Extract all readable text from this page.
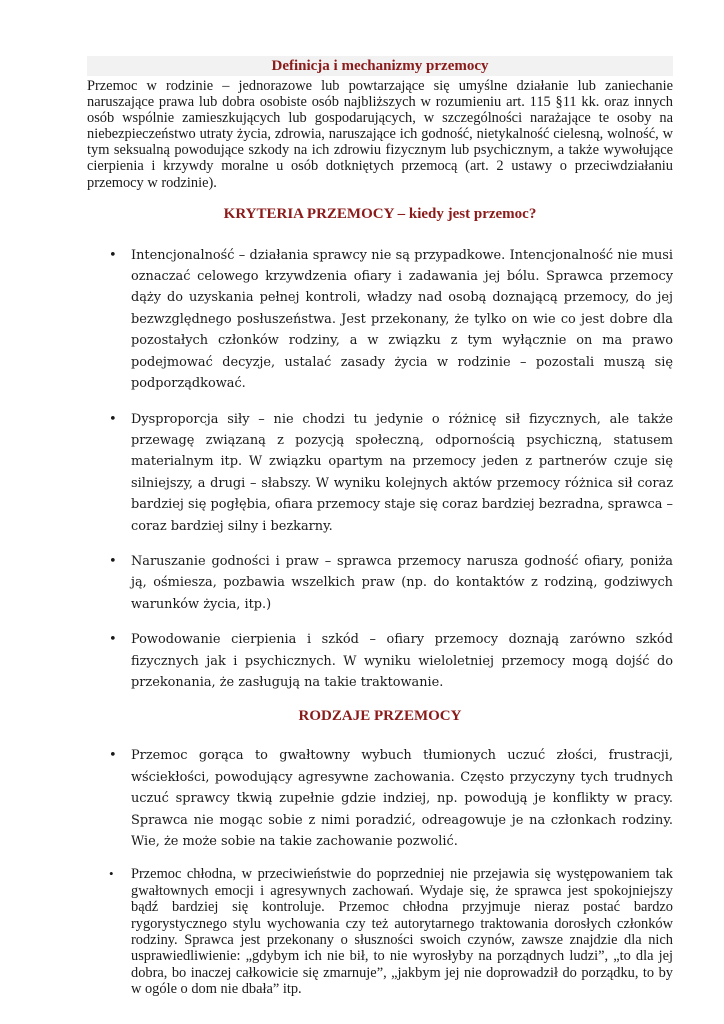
Definicja i mechanizmy przemocy

Przemoc w rodzinie – jednorazowe lub powtarzające się umyślne działanie lub zaniechanie naruszające prawa lub dobra osobiste osób najbliższych w rozumieniu art. 115 §11 kk. oraz innych osób wspólnie zamieszkujących lub gospodarujących, w szczególności narażające te osoby na niebezpieczeństwo utraty życia, zdrowia, naruszające ich godność, nietykalność cielesną, wolność, w tym seksualną powodujące szkody na ich zdrowiu fizycznym lub psychicznym, a także wywołujące cierpienia i krzywdy moralne u osób dotkniętych przemocą (art. 2 ustawy o przeciwdziałaniu przemocy w rodzinie).

KRYTERIA PRZEMOCY – kiedy jest przemoc?
• Intencjonalność – działania sprawcy nie są przypadkowe. Intencjonalność nie musi oznaczać celowego krzywdzenia ofiary i zadawania jej bólu. Sprawca przemocy dąży do uzyskania pełnej kontroli, władzy nad osobą doznającą przemocy, do jej bezwzględnego posłuszeństwa. Jest przekonany, że tylko on wie co jest dobre dla pozostałych członków rodziny, a w związku z tym wyłącznie on ma prawo podejmować decyzje, ustalać zasady życia w rodzinie – pozostali muszą się podporządkować.
• Dysproporcja siły – nie chodzi tu jedynie o różnicę sił fizycznych, ale także przewagę związaną z pozycją społeczną, odpornością psychiczną, statusem materialnym itp. W związku opartym na przemocy jeden z partnerów czuje się silniejszy, a drugi – słabszy. W wyniku kolejnych aktów przemocy różnica sił coraz bardziej się pogłębia, ofiara przemocy staje się coraz bardziej bezradna, sprawca – coraz bardziej silny i bezkarny.
• Naruszanie godności i praw – sprawca przemocy narusza godność ofiary, poniża ją, ośmiesza, pozbawia wszelkich praw (np. do kontaktów z rodziną, godziwych warunków życia, itp.)
• Powodowanie cierpienia i szkód – ofiary przemocy doznają zarówno szkód fizycznych jak i psychicznych. W wyniku wieloletniej przemocy mogą dojść do przekonania, że zasługują na takie traktowanie.
RODZAJE PRZEMOCY
• Przemoc gorąca to gwałtowny wybuch tłumionych uczuć złości, frustracji, wściekłości, powodujący agresywne zachowania. Często przyczyny tych trudnych uczuć sprawcy tkwią zupełnie gdzie indziej, np. powodują je konflikty w pracy. Sprawca nie mogąc sobie z nimi poradzić, odreagowuje je na członkach rodziny. Wie, że może sobie na takie zachowanie pozwolić.
• Przemoc chłodna, w przeciwieństwie do poprzedniej nie przejawia się występowaniem tak gwałtownych emocji i agresywnych zachowań. Wydaje się, że sprawca jest spokojniejszy bądź bardziej się kontroluje. Przemoc chłodna przyjmuje nieraz postać bardzo rygorystycznego stylu wychowania czy też autorytarnego traktowania dorosłych członków rodziny. Sprawca jest przekonany o słuszności swoich czynów, zawsze znajdzie dla nich usprawiedliwienie: „gdybym ich nie bił, to nie wyrosłyby na porządnych ludzi”, „to dla jej dobra, bo inaczej całkowicie się zmarnuje”, „jakbym jej nie doprowadził do porządku, to by w ogóle o dom nie dbała” itp.
